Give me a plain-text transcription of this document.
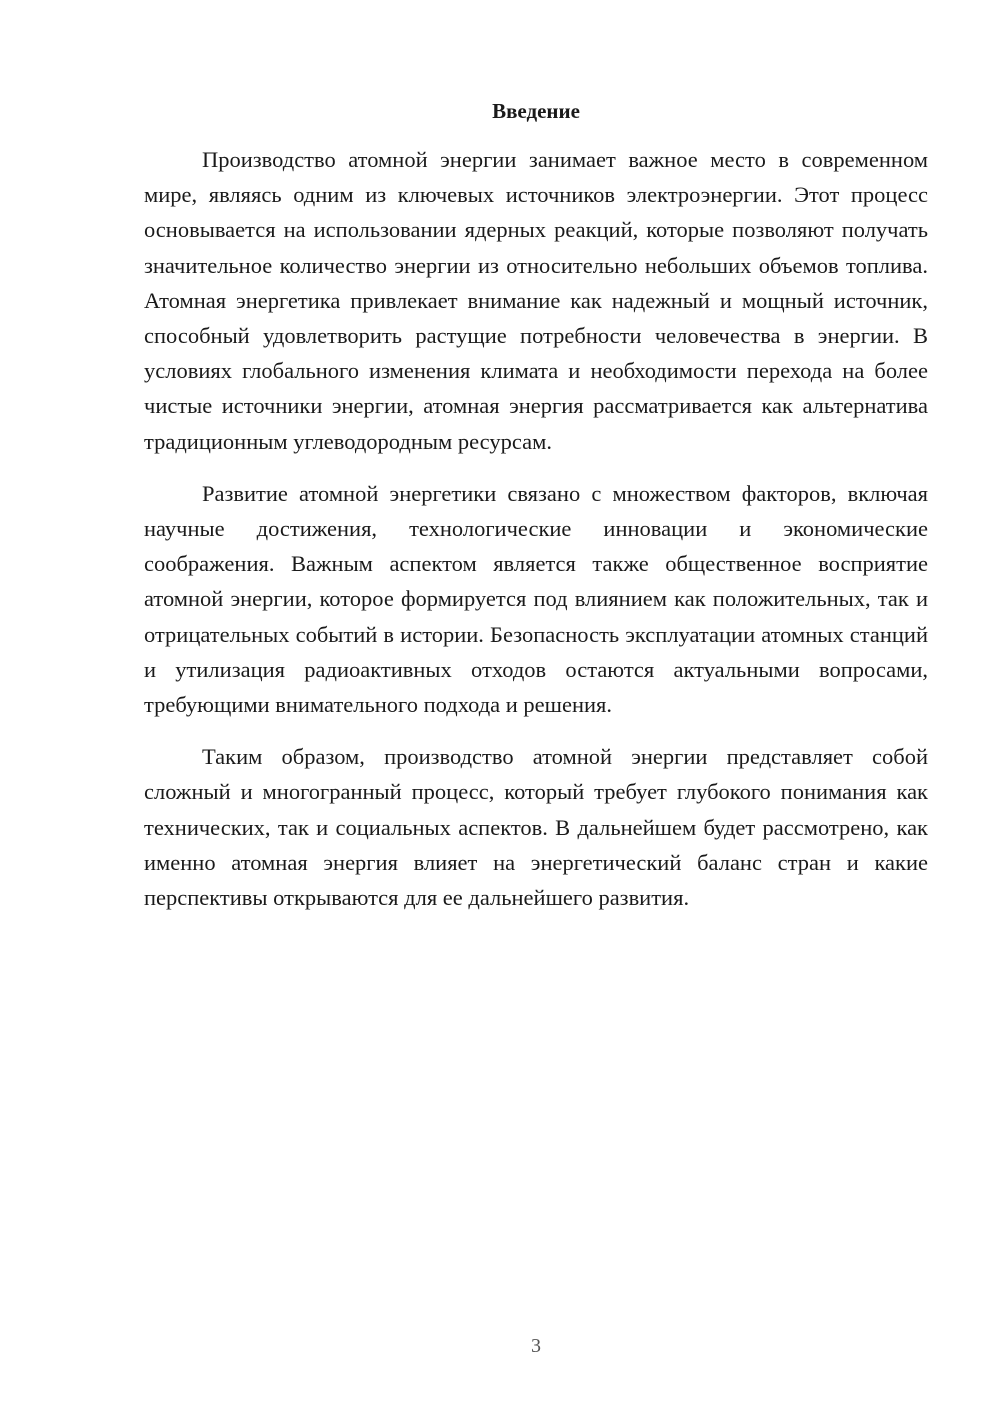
Введение

Производство атомной энергии занимает важное место в современном мире, являясь одним из ключевых источников электроэнергии. Этот процесс основывается на использовании ядерных реакций, которые позволяют получать значительное количество энергии из относительно небольших объемов топлива. Атомная энергетика привлекает внимание как надежный и мощный источник, способный удовлетворить растущие потребности человечества в энергии. В условиях глобального изменения климата и необходимости перехода на более чистые источники энергии, атомная энергия рассматривается как альтернатива традиционным углеводородным ресурсам.

Развитие атомной энергетики связано с множеством факторов, включая научные достижения, технологические инновации и экономические соображения. Важным аспектом является также общественное восприятие атомной энергии, которое формируется под влиянием как положительных, так и отрицательных событий в истории. Безопасность эксплуатации атомных станций и утилизация радиоактивных отходов остаются актуальными вопросами, требующими внимательного подхода и решения.

Таким образом, производство атомной энергии представляет собой сложный и многогранный процесс, который требует глубокого понимания как технических, так и социальных аспектов. В дальнейшем будет рассмотрено, как именно атомная энергия влияет на энергетический баланс стран и какие перспективы открываются для ее дальнейшего развития.

3
